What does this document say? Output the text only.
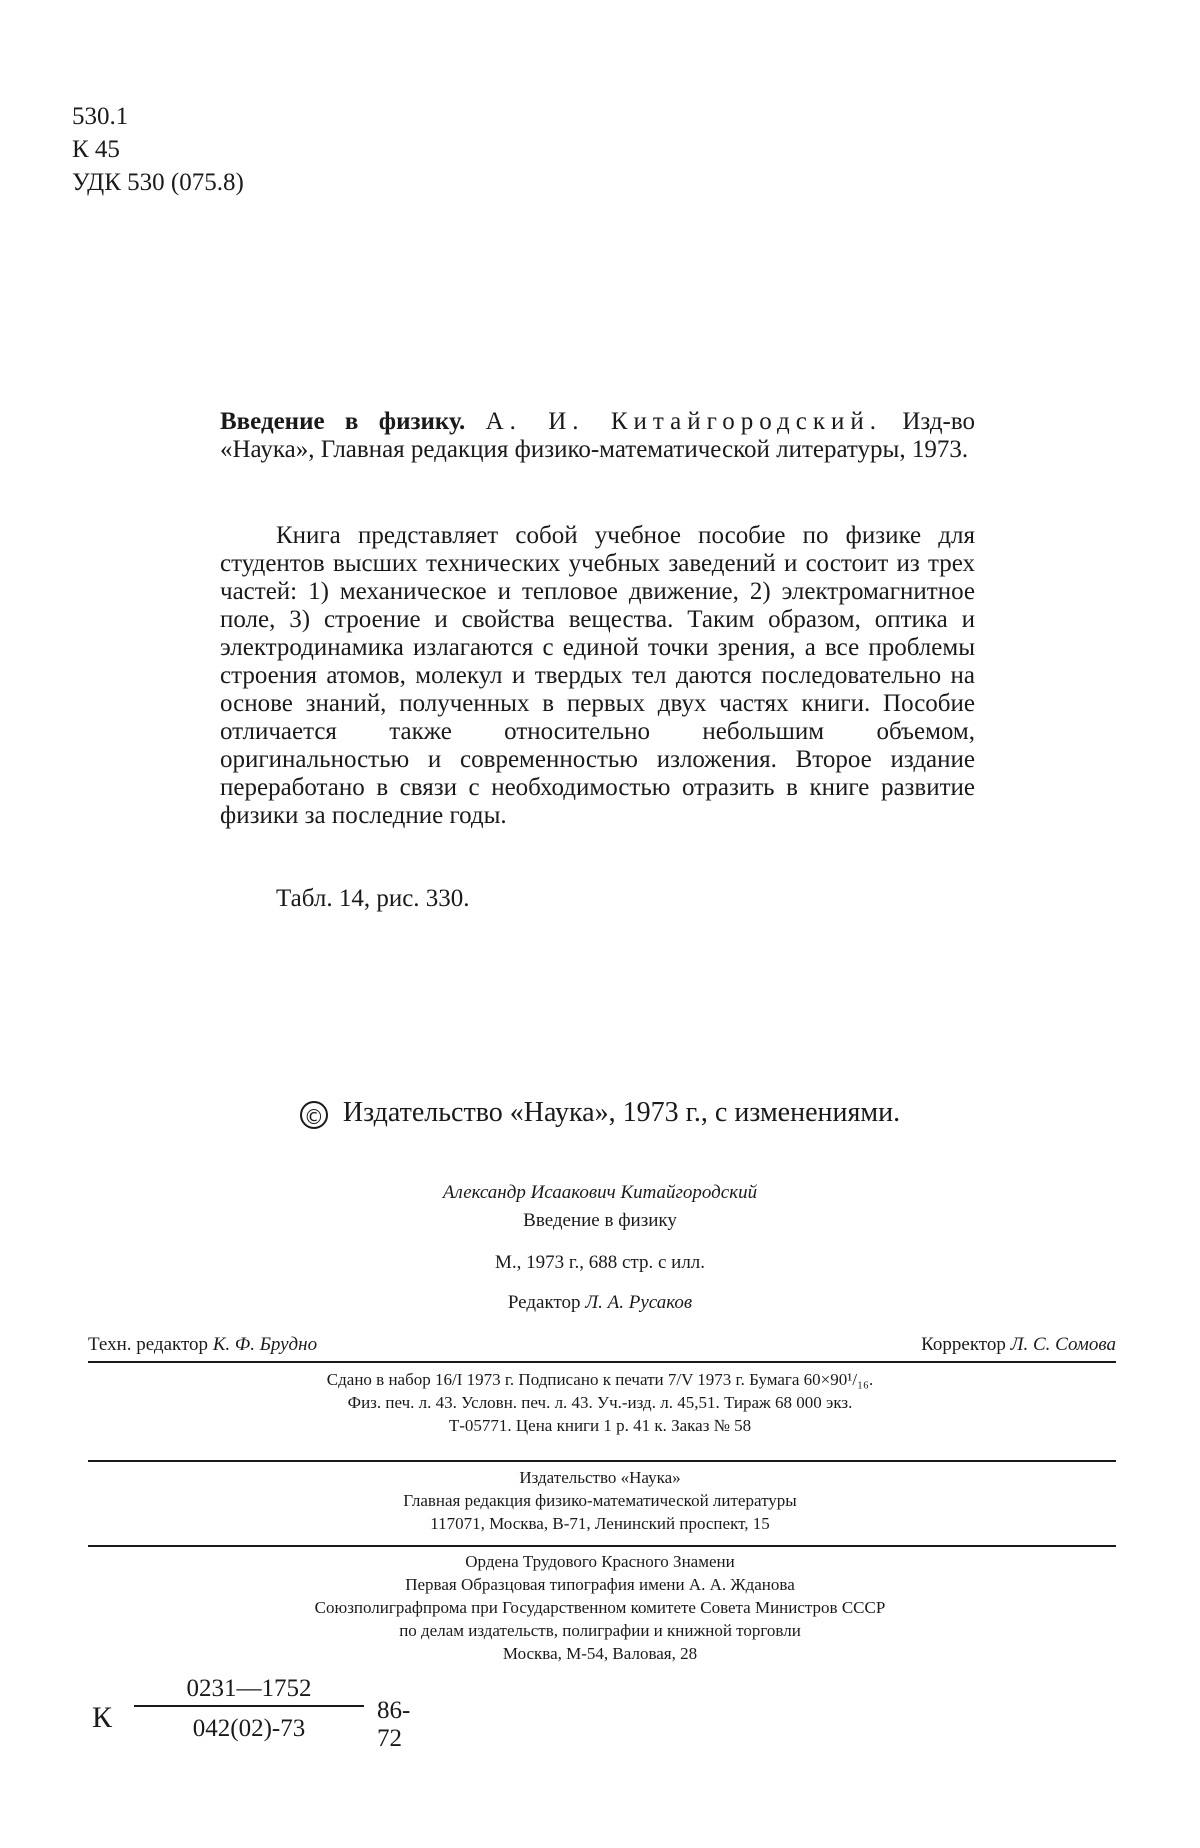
530.1
К 45
УДК 530 (075.8)
Введение в физику. А. И. Китайгородский. Изд-во «Наука», Главная редакция физико-математической литературы, 1973.

Книга представляет собой учебное пособие по физике для студентов высших технических учебных заведений и состоит из трех частей: 1) механическое и тепловое движение, 2) электромагнитное поле, 3) строение и свойства вещества. Таким образом, оптика и электродинамика излагаются с единой точки зрения, а все проблемы строения атомов, молекул и твердых тел даются последовательно на основе знаний, полученных в первых двух частях книги. Пособие отличается также относительно небольшим объемом, оригинальностью и современностью изложения. Второе издание переработано в связи с необходимостью отразить в книге развитие физики за последние годы.

Табл. 14, рис. 330.
© Издательство «Наука», 1973 г., с изменениями.
Александр Исаакович Китайгородский
Введение в физику
М., 1973 г., 688 стр. с илл.
Редактор Л. А. Русаков
Техн. редактор К. Ф. Брудно	Корректор Л. С. Сомова
Сдано в набор 16/I 1973 г. Подписано к печати 7/V 1973 г. Бумага 60×90¹/₁₆.
Физ. печ. л. 43. Условн. печ. л. 43. Уч.-изд. л. 45,51. Тираж 68 000 экз.
Т-05771. Цена книги 1 р. 41 к. Заказ № 58
Издательство «Наука»
Главная редакция физико-математической литературы
117071, Москва, В-71, Ленинский проспект, 15
Ордена Трудового Красного Знамени
Первая Образцовая типография имени А. А. Жданова
Союзполиграфпрома при Государственном комитете Совета Министров СССР
по делам издательств, полиграфии и книжной торговли
Москва, М-54, Валовая, 28
К
0231—1752
042(02)-73
86-72
